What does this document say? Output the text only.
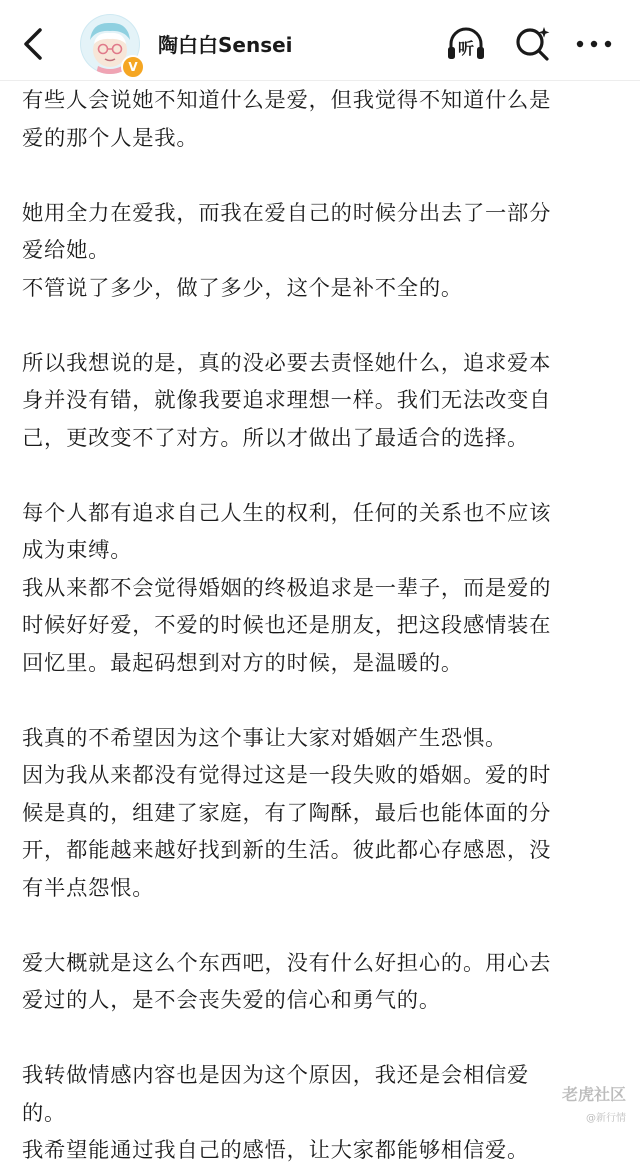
V
陶白白Sensei	听
有些人会说她不知道什么是爱，但我觉得不知道什么是
爱的那个人是我。
她用全力在爱我，而我在爱自己的时候分出去了一部分
爱给她。
不管说了多少，做了多少，这个是补不全的。
所以我想说的是，真的没必要去责怪她什么，追求爱本
身并没有错，就像我要追求理想一样。我们无法改变自
己，更改变不了对方。所以才做出了最适合的选择。
每个人都有追求自己人生的权利，任何的关系也不应该
成为束缚。
我从来都不会觉得婚姻的终极追求是一辈子，而是爱的
时候好好爱，不爱的时候也还是朋友，把这段感情装在
回忆里。最起码想到对方的时候，是温暖的。
我真的不希望因为这个事让大家对婚姻产生恐惧。
因为我从来都没有觉得过这是一段失败的婚姻。爱的时
候是真的，组建了家庭，有了陶酥，最后也能体面的分
开，都能越来越好找到新的生活。彼此都心存感恩，没
有半点怨恨。
爱大概就是这么个东西吧，没有什么好担心的。用心去
爱过的人，是不会丧失爱的信心和勇气的。
我转做情感内容也是因为这个原因，我还是会相信爱
的。
我希望能通过我自己的感悟，让大家都能够相信爱。
老虎社区
@新行情
